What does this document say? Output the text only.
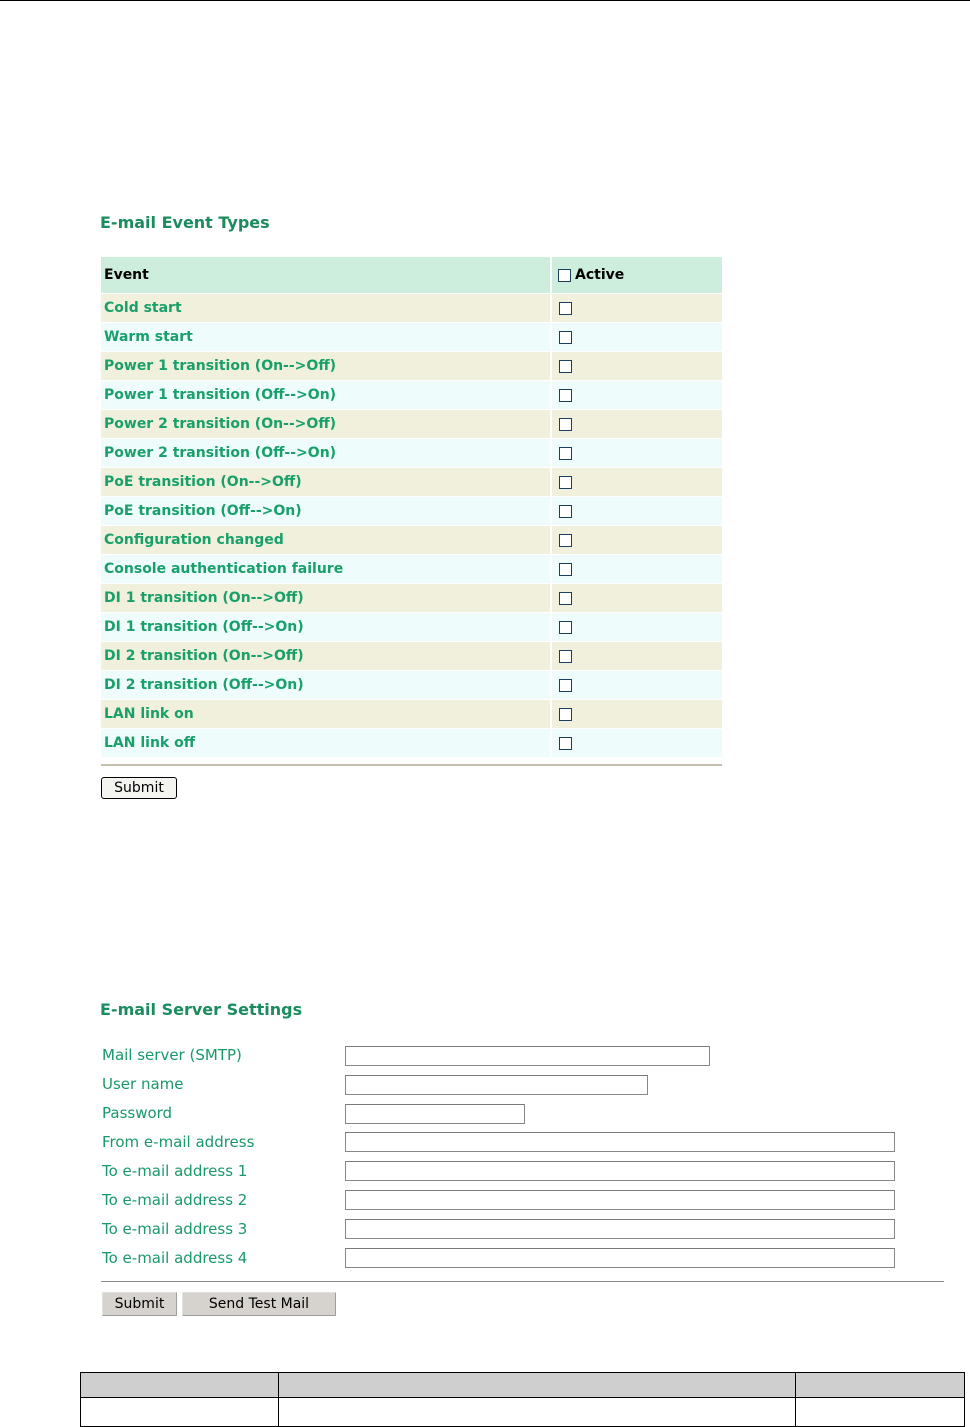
E-mail Event Types
Event	Active
Cold start
Warm start
Power 1 transition (On-->Off)
Power 1 transition (Off-->On)
Power 2 transition (On-->Off)
Power 2 transition (Off-->On)
PoE transition (On-->Off)
PoE transition (Off-->On)
Configuration changed
Console authentication failure
DI 1 transition (On-->Off)
DI 1 transition (Off-->On)
DI 2 transition (On-->Off)
DI 2 transition (Off-->On)
LAN link on
LAN link off
Submit
E-mail Server Settings
Mail server (SMTP)
User name
Password
From e-mail address
To e-mail address 1
To e-mail address 2
To e-mail address 3
To e-mail address 4
Submit	Send Test Mail
